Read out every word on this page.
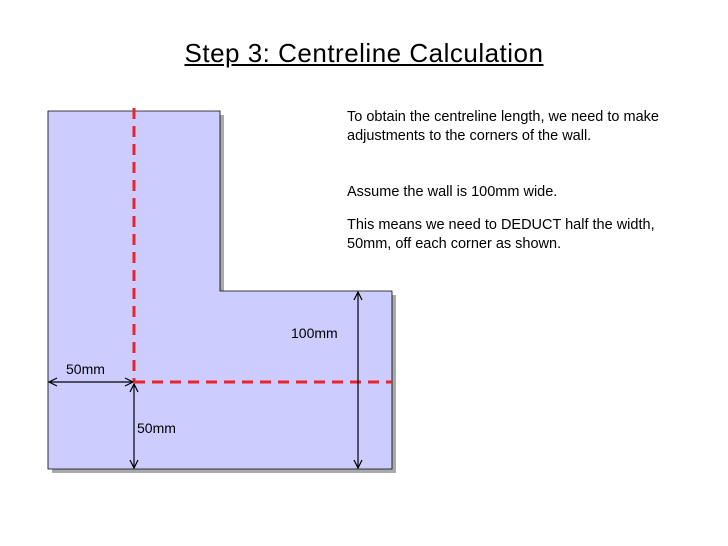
Step 3: Centreline Calculation
50mm
50mm
100mm
To obtain the centreline length, we need to make adjustments to the corners of the wall.
Assume the wall is 100mm wide.
This means we need to DEDUCT half the width, 50mm, off each corner as shown.
